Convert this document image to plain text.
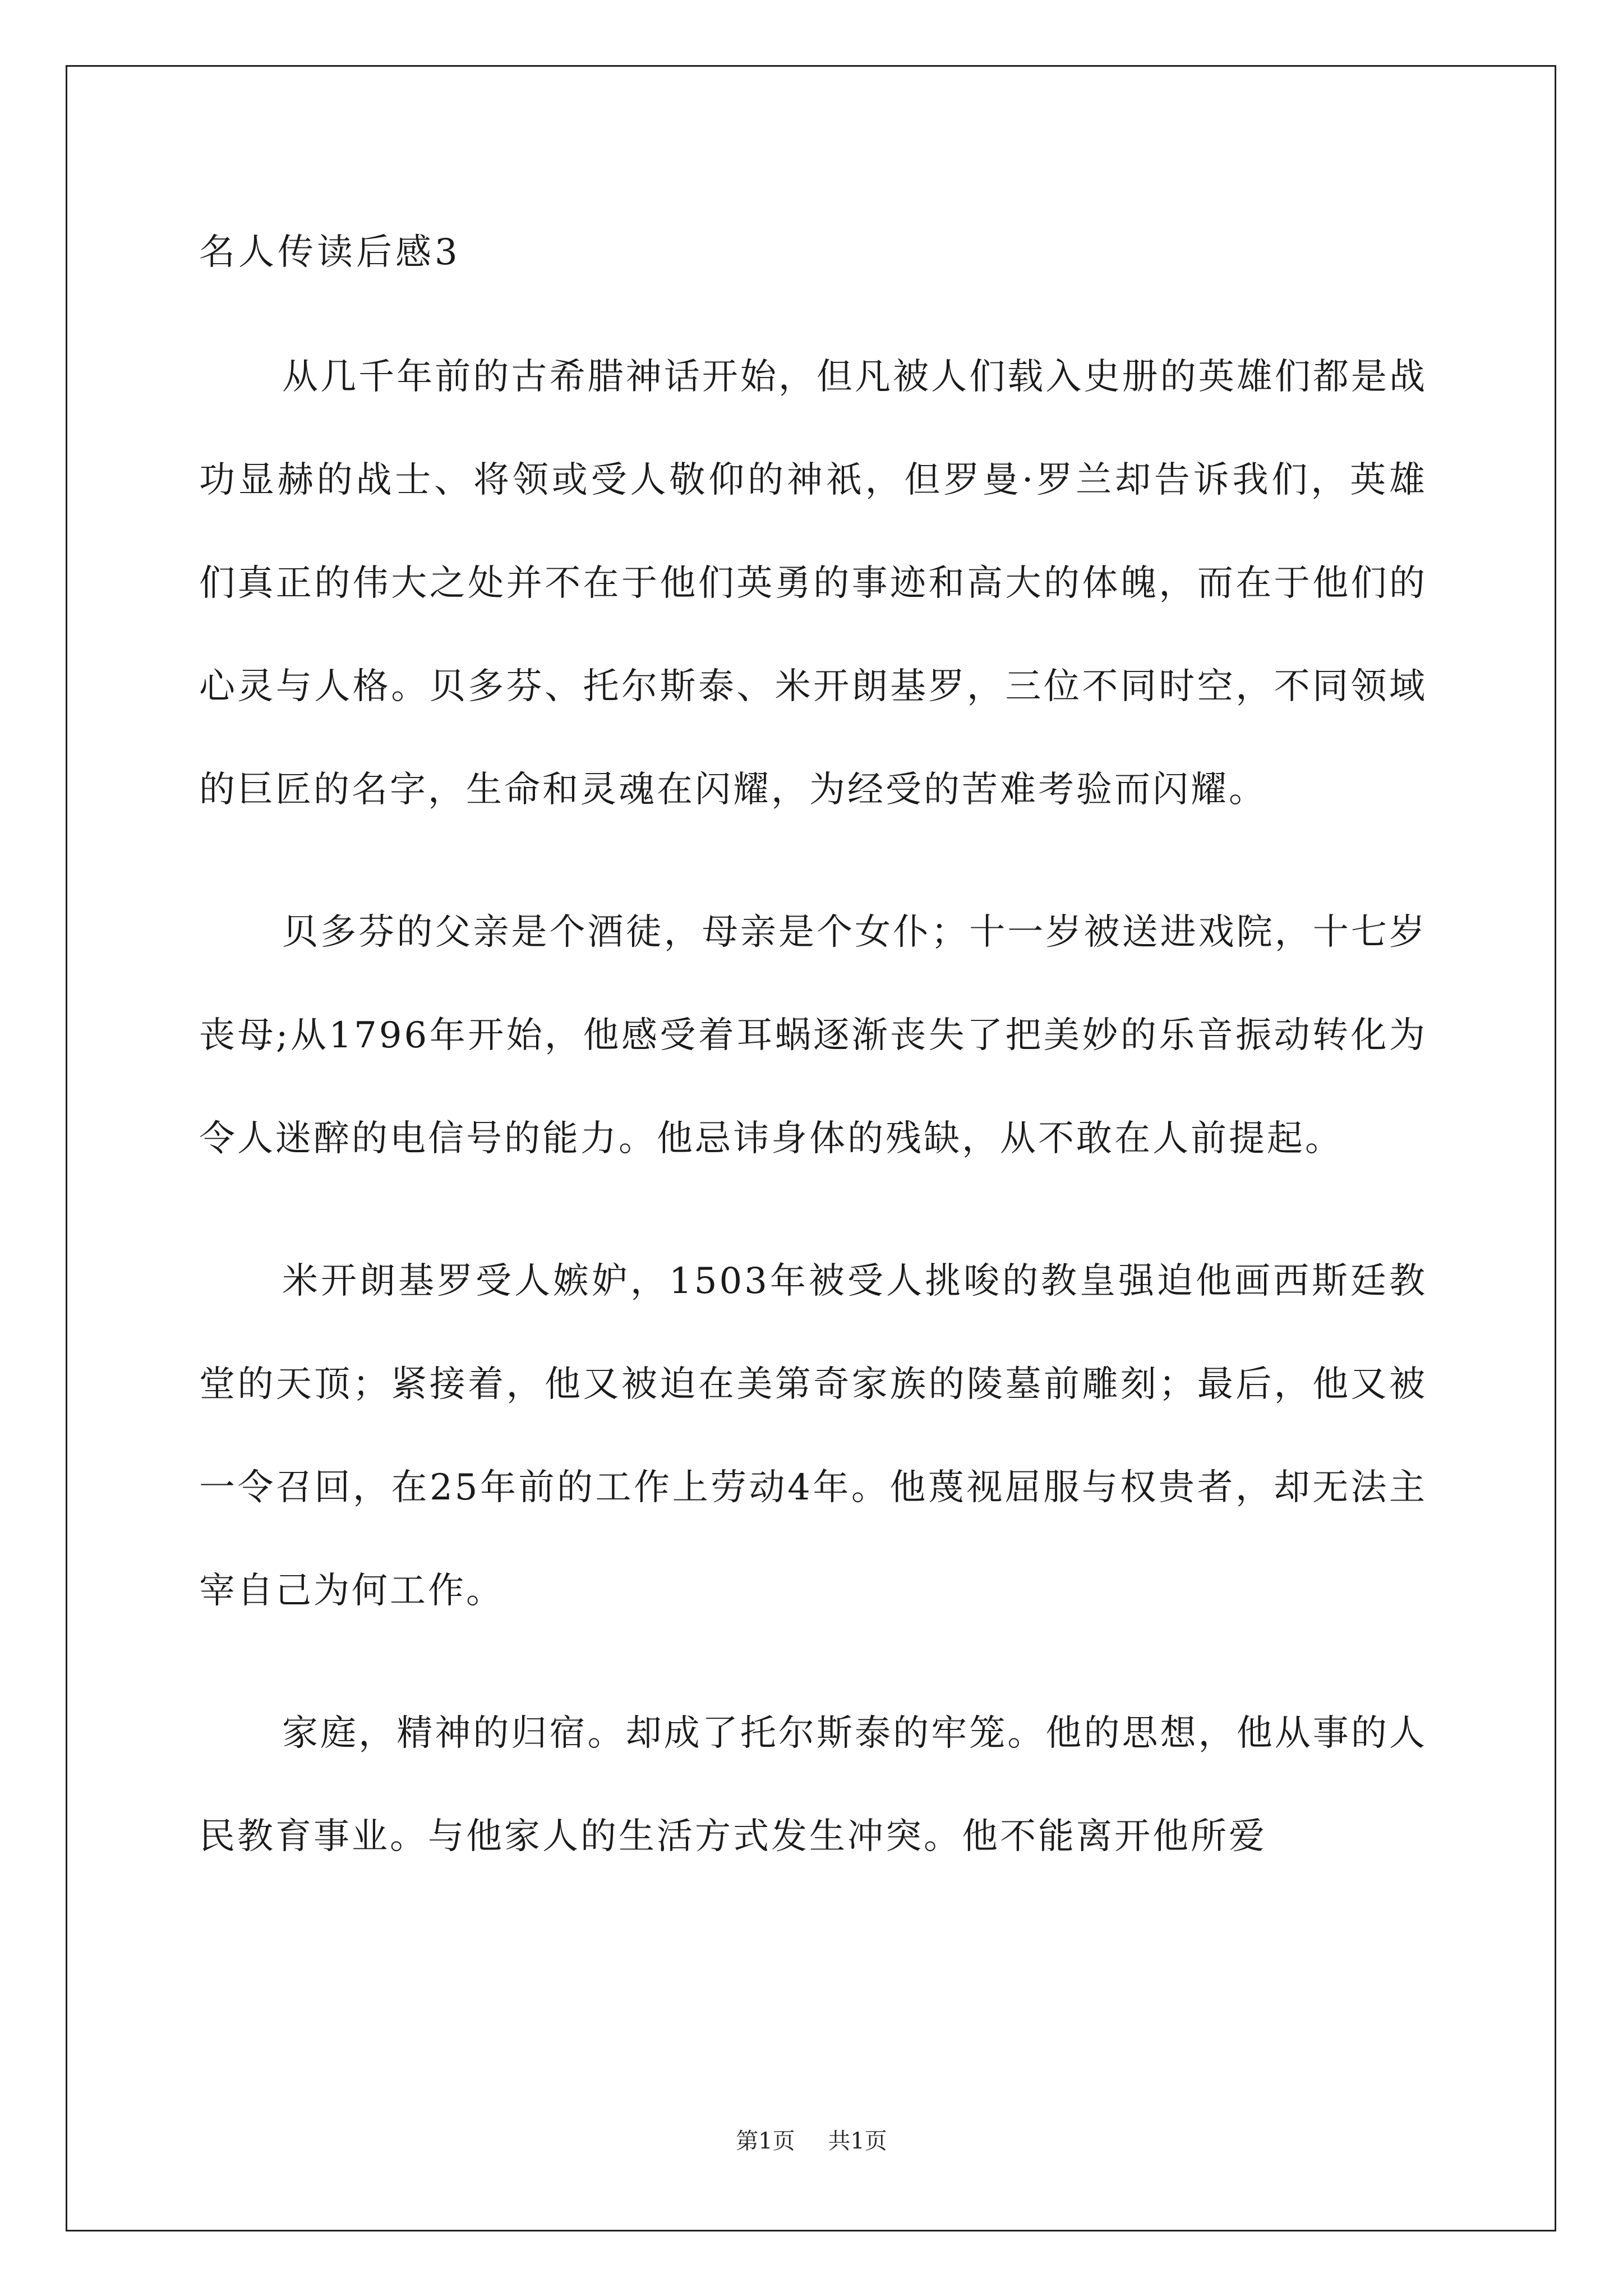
名人传读后感3

从几千年前的古希腊神话开始，但凡被人们载入史册的英雄们都是战功显赫的战士、将领或受人敬仰的神祇，但罗曼·罗兰却告诉我们，英雄们真正的伟大之处并不在于他们英勇的事迹和高大的体魄，而在于他们的心灵与人格。贝多芬、托尔斯泰、米开朗基罗，三位不同时空，不同领域的巨匠的名字，生命和灵魂在闪耀，为经受的苦难考验而闪耀。

贝多芬的父亲是个酒徒，母亲是个女仆；十一岁被送进戏院，十七岁丧母;从1796年开始，他感受着耳蜗逐渐丧失了把美妙的乐音振动转化为令人迷醉的电信号的能力。他忌讳身体的残缺，从不敢在人前提起。

米开朗基罗受人嫉妒，1503年被受人挑唆的教皇强迫他画西斯廷教堂的天顶；紧接着，他又被迫在美第奇家族的陵墓前雕刻；最后，他又被一令召回，在25年前的工作上劳动4年。他蔑视屈服与权贵者，却无法主宰自己为何工作。

家庭，精神的归宿。却成了托尔斯泰的牢笼。他的思想，他从事的人民教育事业。与他家人的生活方式发生冲突。他不能离开他所爱

第1页 共1页
